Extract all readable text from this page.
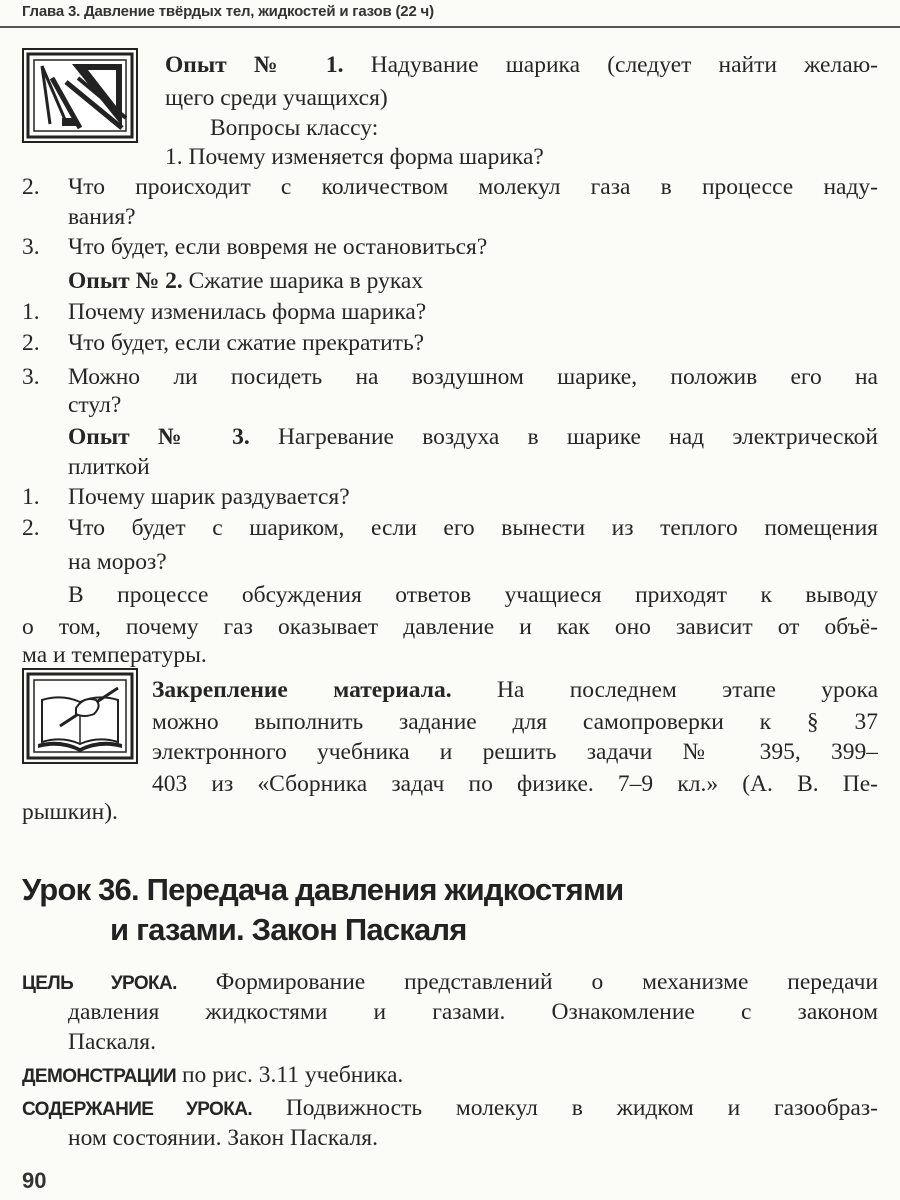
Глава 3. Давление твёрдых тел, жидкостей и газов (22 ч)
Опыт № 1. Надувание шарика (следует найти желаю-
щего среди учащихся)
Вопросы классу:
1. Почему изменяется форма шарика?
2.	Что происходит с количеством молекул газа в процессе наду-
вания?
3.	Что будет, если вовремя не остановиться?
Опыт № 2. Сжатие шарика в руках
1.	Почему изменилась форма шарика?
2.	Что будет, если сжатие прекратить?
3.	Можно ли посидеть на воздушном шарике, положив его на
стул?
Опыт № 3. Нагревание воздуха в шарике над электрической
плиткой
1.	Почему шарик раздувается?
2.	Что будет с шариком, если его вынести из теплого помещения
на мороз?
В процессе обсуждения ответов учащиеся приходят к выводу
о том, почему газ оказывает давление и как оно зависит от объё-
ма и температуры.
Закрепление материала. На последнем этапе урока
можно выполнить задание для самопроверки к § 37
электронного учебника и решить задачи № 395, 399–
403 из «Сборника задач по физике. 7–9 кл.» (А. В. Пе-
рышкин).
Урок 36. Передача давления жидкостями
и газами. Закон Паскаля
ЦЕЛЬ УРОКА. Формирование представлений о механизме передачи
давления жидкостями и газами. Ознакомление с законом
Паскаля.
ДЕМОНСТРАЦИИ по рис. 3.11 учебника.
СОДЕРЖАНИЕ УРОКА. Подвижность молекул в жидком и газообраз-
ном состоянии. Закон Паскаля.
90
